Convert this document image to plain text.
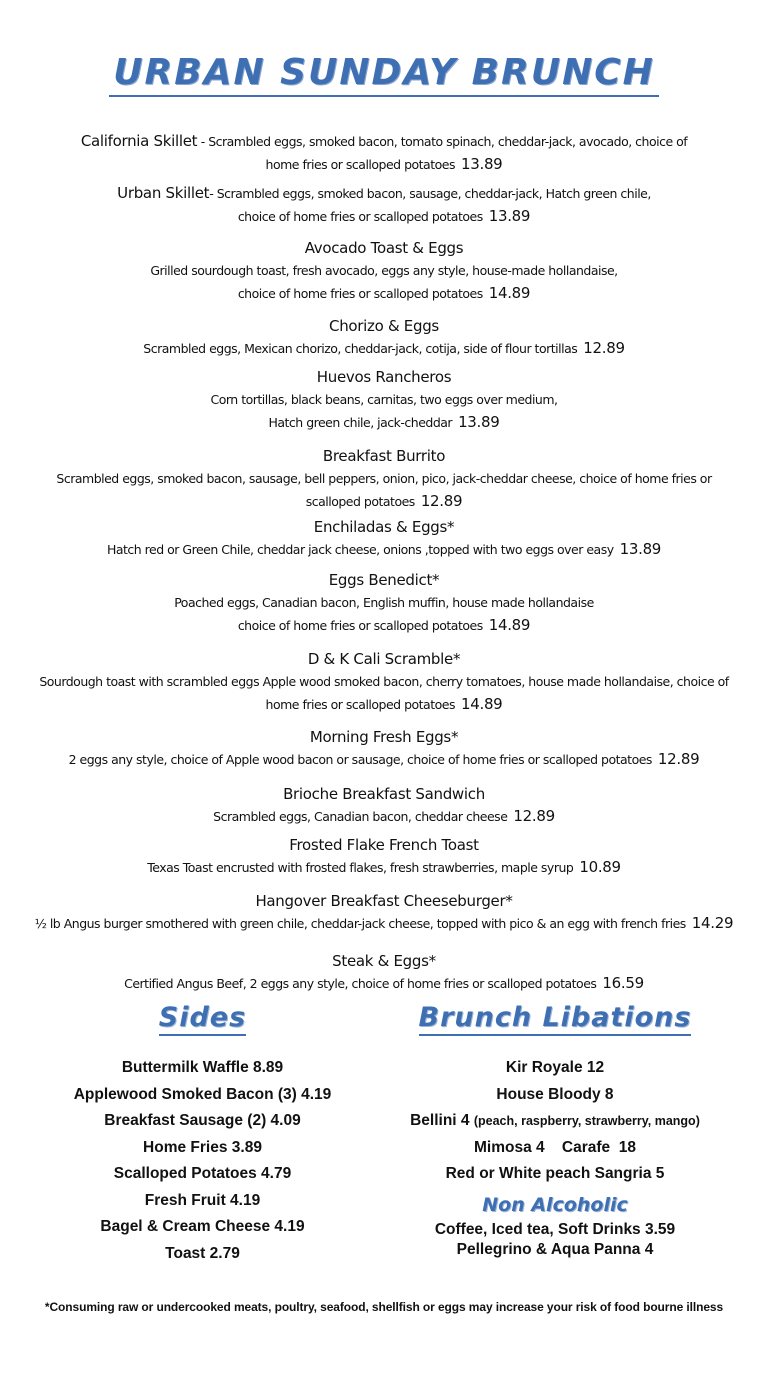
URBAN SUNDAY BRUNCH
California Skillet - Scrambled eggs, smoked bacon, tomato spinach, cheddar-jack, avocado, choice of
home fries or scalloped potatoes 13.89
Urban Skillet- Scrambled eggs, smoked bacon, sausage, cheddar-jack, Hatch green chile,
choice of home fries or scalloped potatoes 13.89
Avocado Toast & Eggs
Grilled sourdough toast, fresh avocado, eggs any style, house-made hollandaise,
choice of home fries or scalloped potatoes 14.89
Chorizo & Eggs
Scrambled eggs, Mexican chorizo, cheddar-jack, cotija, side of flour tortillas 12.89
Huevos Rancheros
Corn tortillas, black beans, carnitas, two eggs over medium,
Hatch green chile, jack-cheddar 13.89
Breakfast Burrito
Scrambled eggs, smoked bacon, sausage, bell peppers, onion, pico, jack-cheddar cheese, choice of home fries or
scalloped potatoes 12.89
Enchiladas & Eggs*
Hatch red or Green Chile, cheddar jack cheese, onions ,topped with two eggs over easy 13.89
Eggs Benedict*
Poached eggs, Canadian bacon, English muffin, house made hollandaise
choice of home fries or scalloped potatoes 14.89
D & K Cali Scramble*
Sourdough toast with scrambled eggs Apple wood smoked bacon, cherry tomatoes, house made hollandaise, choice of
home fries or scalloped potatoes 14.89
Morning Fresh Eggs*
2 eggs any style, choice of Apple wood bacon or sausage, choice of home fries or scalloped potatoes 12.89
Brioche Breakfast Sandwich
Scrambled eggs, Canadian bacon, cheddar cheese 12.89
Frosted Flake French Toast
Texas Toast encrusted with frosted flakes, fresh strawberries, maple syrup 10.89
Hangover Breakfast Cheeseburger*
½ lb Angus burger smothered with green chile, cheddar-jack cheese, topped with pico & an egg with french fries 14.29
Steak & Eggs*
Certified Angus Beef, 2 eggs any style, choice of home fries or scalloped potatoes 16.59
Sides	Brunch Libations
Buttermilk Waffle 8.89
Applewood Smoked Bacon (3) 4.19
Breakfast Sausage (2) 4.09
Home Fries 3.89
Scalloped Potatoes 4.79
Fresh Fruit 4.19
Bagel & Cream Cheese 4.19
Toast 2.79
Kir Royale 12
House Bloody 8
Bellini 4 (peach, raspberry, strawberry, mango)
Mimosa 4    Carafe  18
Red or White peach Sangria 5
Non Alcoholic
Coffee, Iced tea, Soft Drinks 3.59
Pellegrino & Aqua Panna 4
*Consuming raw or undercooked meats, poultry, seafood, shellfish or eggs may increase your risk of food bourne illness
